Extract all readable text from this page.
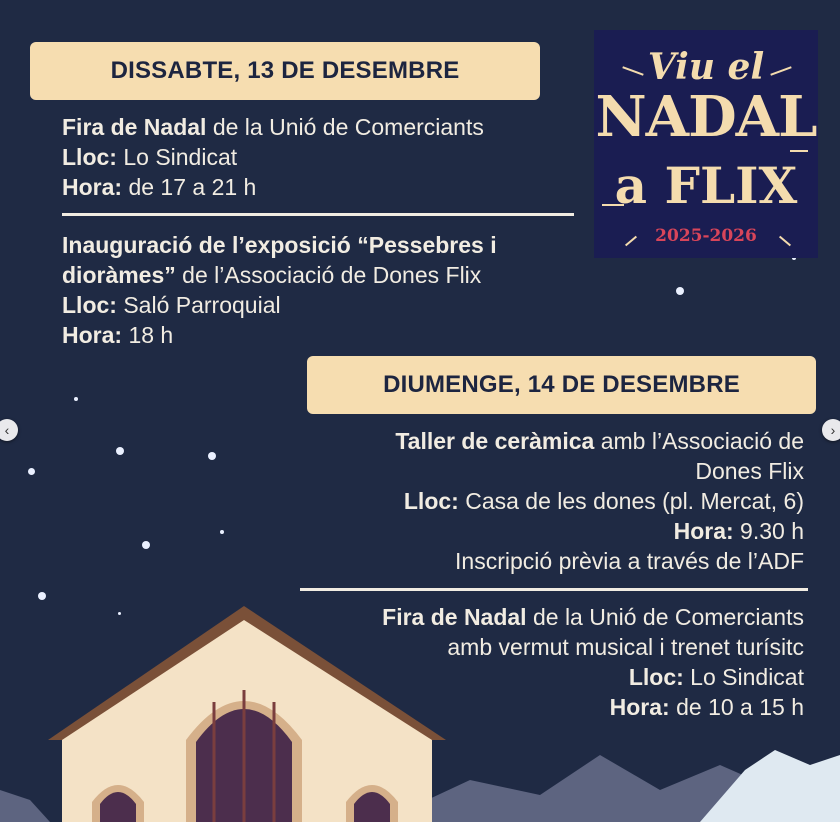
DISSABTE, 13 DE DESEMBRE
Fira de Nadal de la Unió de Comerciants
Lloc: Lo Sindicat
Hora: de 17 a 21 h
Inauguració de l’exposició “Pessebres i
dioràmes” de l’Associació de Dones Flix
Lloc: Saló Parroquial
Hora: 18 h
Viu el
NADAL
a FLIX
2025-2026
DIUMENGE, 14 DE DESEMBRE
Taller de ceràmica amb l’Associació de
Dones Flix
Lloc: Casa de les dones (pl. Mercat, 6)
Hora: 9.30 h
Inscripció prèvia a través de l’ADF
Fira de Nadal de la Unió de Comerciants
amb vermut musical i trenet turísitc
Lloc: Lo Sindicat
Hora: de 10 a 15 h
‹	›
